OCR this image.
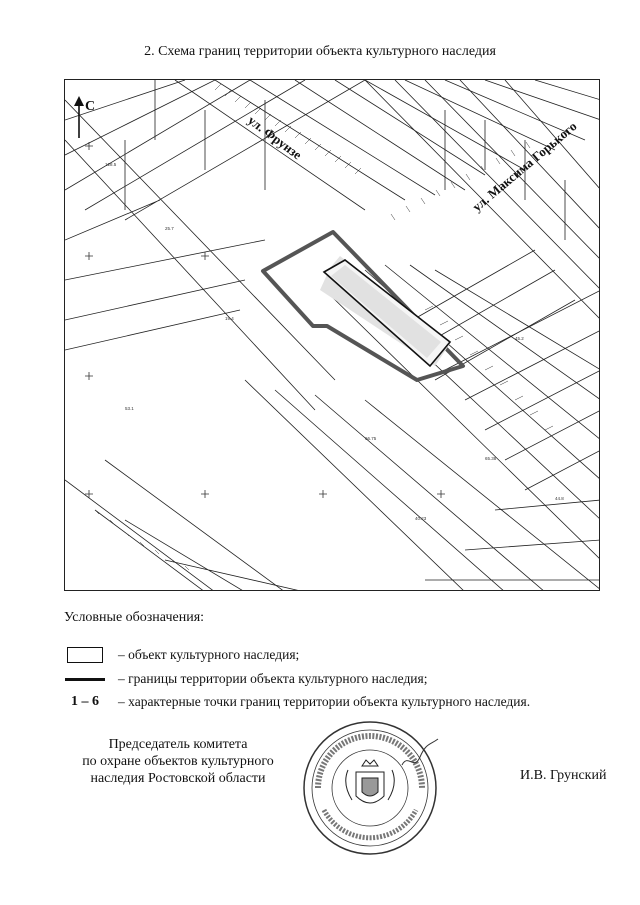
2. Схема границ территории объекта культурного наследия
С
ул. Фрунзе	ул. Максима Горького
128.5
25.7
66.75
65.38
19.4
53.1
45.2
44.8
40.23
Условные обозначения:
– объект культурного наследия;
– границы территории объекта культурного наследия;
1 – 6 – характерные точки границ территории объекта культурного наследия.
Председатель комитета
по охране объектов культурного
наследия Ростовской области	И.В. Грунский
